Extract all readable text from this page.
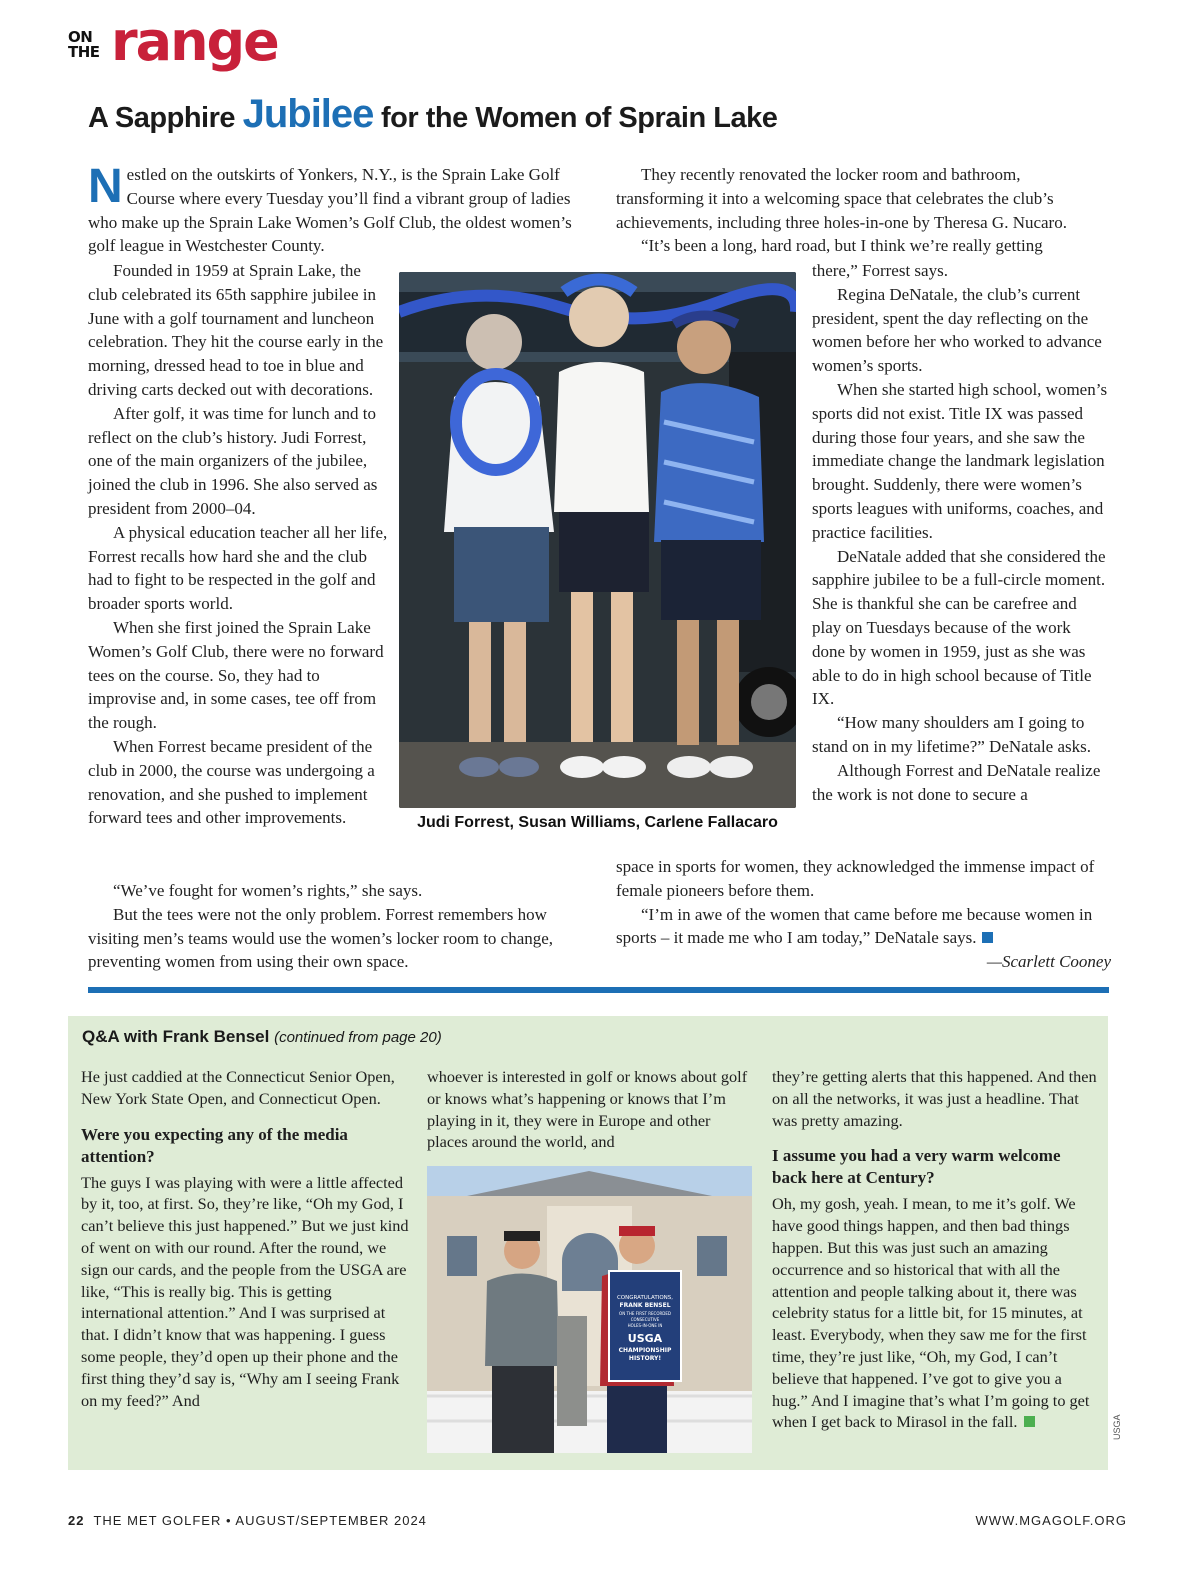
ON
THE range
A Sapphire Jubilee for the Women of Sprain Lake

Nestled on the outskirts of Yonkers, N.Y., is the Sprain Lake Golf Course where every Tuesday you’ll find a vibrant group of ladies who make up the Sprain Lake Women’s Golf Club, the oldest women’s golf league in Westchester County.

Founded in 1959 at Sprain Lake, the club celebrated its 65th sapphire jubilee in June with a golf tournament and luncheon celebration. They hit the course early in the morning, dressed head to toe in blue and driving carts decked out with decorations.

After golf, it was time for lunch and to reflect on the club’s history. Judi Forrest, one of the main organizers of the jubilee, joined the club in 1996. She also served as president from 2000–04.

A physical education teacher all her life, Forrest recalls how hard she and the club had to fight to be respected in the golf and broader sports world.

When she first joined the Sprain Lake Women’s Golf Club, there were no forward tees on the course. So, they had to improvise and, in some cases, tee off from the rough.

When Forrest became president of the club in 2000, the course was undergoing a renovation, and she pushed to implement forward tees and other improvements.

“We’ve fought for women’s rights,” she says.

But the tees were not the only problem. Forrest remembers how visiting men’s teams would use the women’s locker room to change, preventing women from using their own space.

They recently renovated the locker room and bathroom, transforming it into a welcoming space that celebrates the club’s achievements, including three holes-in-one by Theresa G. Nucaro.

“It’s been a long, hard road, but I think we’re really getting

there,” Forrest says.

Regina DeNatale, the club’s current president, spent the day reflecting on the women before her who worked to advance women’s sports.

When she started high school, women’s sports did not exist. Title IX was passed during those four years, and she saw the immediate change the landmark legislation brought. Suddenly, there were women’s sports leagues with uniforms, coaches, and practice facilities.

DeNatale added that she considered the sapphire jubilee to be a full-circle moment. She is thankful she can be carefree and play on Tuesdays because of the work done by women in 1959, just as she was able to do in high school because of Title IX.

“How many shoulders am I going to stand on in my lifetime?” DeNatale asks.

Although Forrest and DeNatale realize the work is not done to secure a

space in sports for women, they acknowledged the immense impact of female pioneers before them.

“I’m in awe of the women that came before me because women in sports – it made me who I am today,” DeNatale says.

—Scarlett Cooney
Judi Forrest, Susan Williams, Carlene Fallacaro
Q&A with Frank Bensel (continued from page 20)

He just caddied at the Connecticut Senior Open, New York State Open, and Connecticut Open.

Were you expecting any of the media attention?

The guys I was playing with were a little affected by it, too, at first. So, they’re like, “Oh my God, I can’t believe this just happened.” But we just kind of went on with our round. After the round, we sign our cards, and the people from the USGA are like, “This is really big. This is getting international attention.” And I was surprised at that. I didn’t know that was happening. I guess some people, they’d open up their phone and the first thing they’d say is, “Why am I seeing Frank on my feed?” And

whoever is interested in golf or knows about golf or knows what’s happening or knows that I’m playing in it, they were in Europe and other places around the world, and

CONGRATULATIONS,
FRANK BENSEL
ON THE FIRST RECORDED
CONSECUTIVE
HOLES-IN-ONE IN
USGA
CHAMPIONSHIP
HISTORY!

they’re getting alerts that this happened. And then on all the networks, it was just a headline. That was pretty amazing.

I assume you had a very warm welcome back here at Century?

Oh, my gosh, yeah. I mean, to me it’s golf. We have good things happen, and then bad things happen. But this was just such an amazing occurrence and so historical that with all the attention and people talking about it, there was celebrity status for a little bit, for 15 minutes, at least. Everybody, when they saw me for the first time, they’re just like, “Oh, my God, I can’t believe that happened. I’ve got to give you a hug.” And I imagine that’s what I’m going to get when I get back to Mirasol in the fall.	USGA
22 THE MET GOLFER • AUGUST/SEPTEMBER 2024	WWW.MGAGOLF.ORG
